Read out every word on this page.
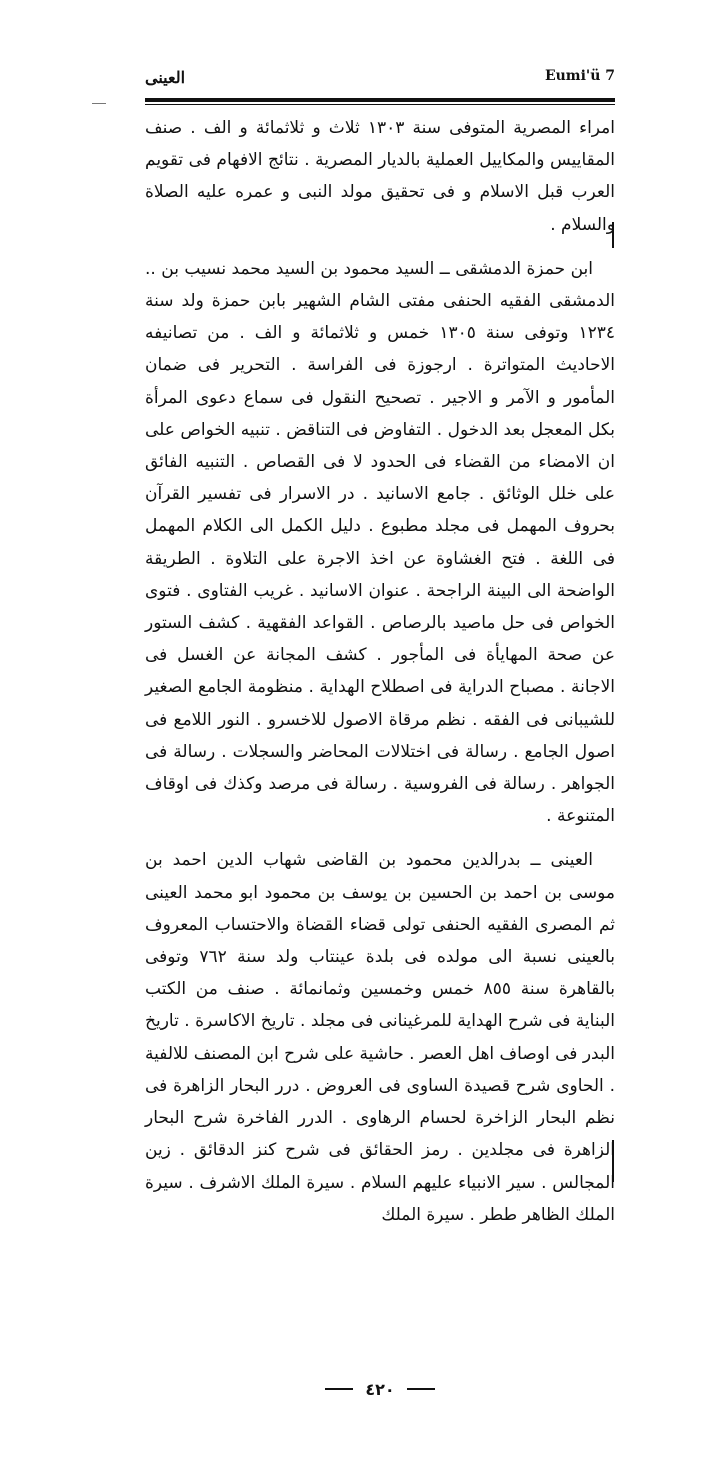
العينى	Eumi'ü 7

امراء المصرية المتوفى سنة ١٣٠٣ ثلاث و ثلاثمائة و الف . صنف المقاييس والمكاييل العملية بالديار المصرية . نتائج الافهام فى تقويم العرب قبل الاسلام و فى تحقيق مولد النبى و عمره عليه الصلاة والسلام .

ابن حمزة الدمشقى ــ السيد محمود بن السيد محمد نسيب بن .. الدمشقى الفقيه الحنفى مفتى الشام الشهير بابن حمزة ولد سنة ١٢٣٤ وتوفى سنة ١٣٠٥ خمس و ثلاثمائة و الف . من تصانيفه الاحاديث المتواترة . ارجوزة فى الفراسة . التحرير فى ضمان المأمور و الآمر و الاجير . تصحيح النقول فى سماع دعوى المرأة بكل المعجل بعد الدخول . التفاوض فى التناقض . تنبيه الخواص على ان الامضاء من القضاء فى الحدود لا فى القصاص . التنبيه الفائق على خلل الوثائق . جامع الاسانيد . در الاسرار فى تفسير القرآن بحروف المهمل فى مجلد مطبوع . دليل الكمل الى الكلام المهمل فى اللغة . فتح الغشاوة عن اخذ الاجرة على التلاوة . الطريقة الواضحة الى البينة الراجحة . عنوان الاسانيد . غريب الفتاوى . فتوى الخواص فى حل ماصيد بالرصاص . القواعد الفقهية . كشف الستور عن صحة المهايأة فى المأجور . كشف المجانة عن الغسل فى الاجانة . مصباح الدراية فى اصطلاح الهداية . منظومة الجامع الصغير للشيبانى فى الفقه . نظم مرقاة الاصول للاخسرو . النور اللامع فى اصول الجامع . رسالة فى اختلالات المحاضر والسجلات . رسالة فى الجواهر . رسالة فى الفروسية . رسالة فى مرصد وكذك فى اوقاف المتنوعة .

العينى ــ بدرالدين محمود بن القاضى شهاب الدين احمد بن موسى بن احمد بن الحسين بن يوسف بن محمود ابو محمد العينى ثم المصرى الفقيه الحنفى تولى قضاء القضاة والاحتساب المعروف بالعينى نسبة الى مولده فى بلدة عينتاب ولد سنة ٧٦٢ وتوفى بالقاهرة سنة ٨٥٥ خمس وخمسين وثمانمائة . صنف من الكتب البناية فى شرح الهداية للمرغينانى فى مجلد . تاريخ الاكاسرة . تاريخ البدر فى اوصاف اهل العصر . حاشية على شرح ابن المصنف للالفية . الحاوى شرح قصيدة الساوى فى العروض . درر البحار الزاهرة فى نظم البحار الزاخرة لحسام الرهاوى . الدرر الفاخرة شرح البحار الزاهرة فى مجلدين . رمز الحقائق فى شرح كنز الدقائق . زين المجالس . سير الانبياء عليهم السلام . سيرة الملك الاشرف . سيرة الملك الظاهر ططر . سيرة الملك

٤٢٠
